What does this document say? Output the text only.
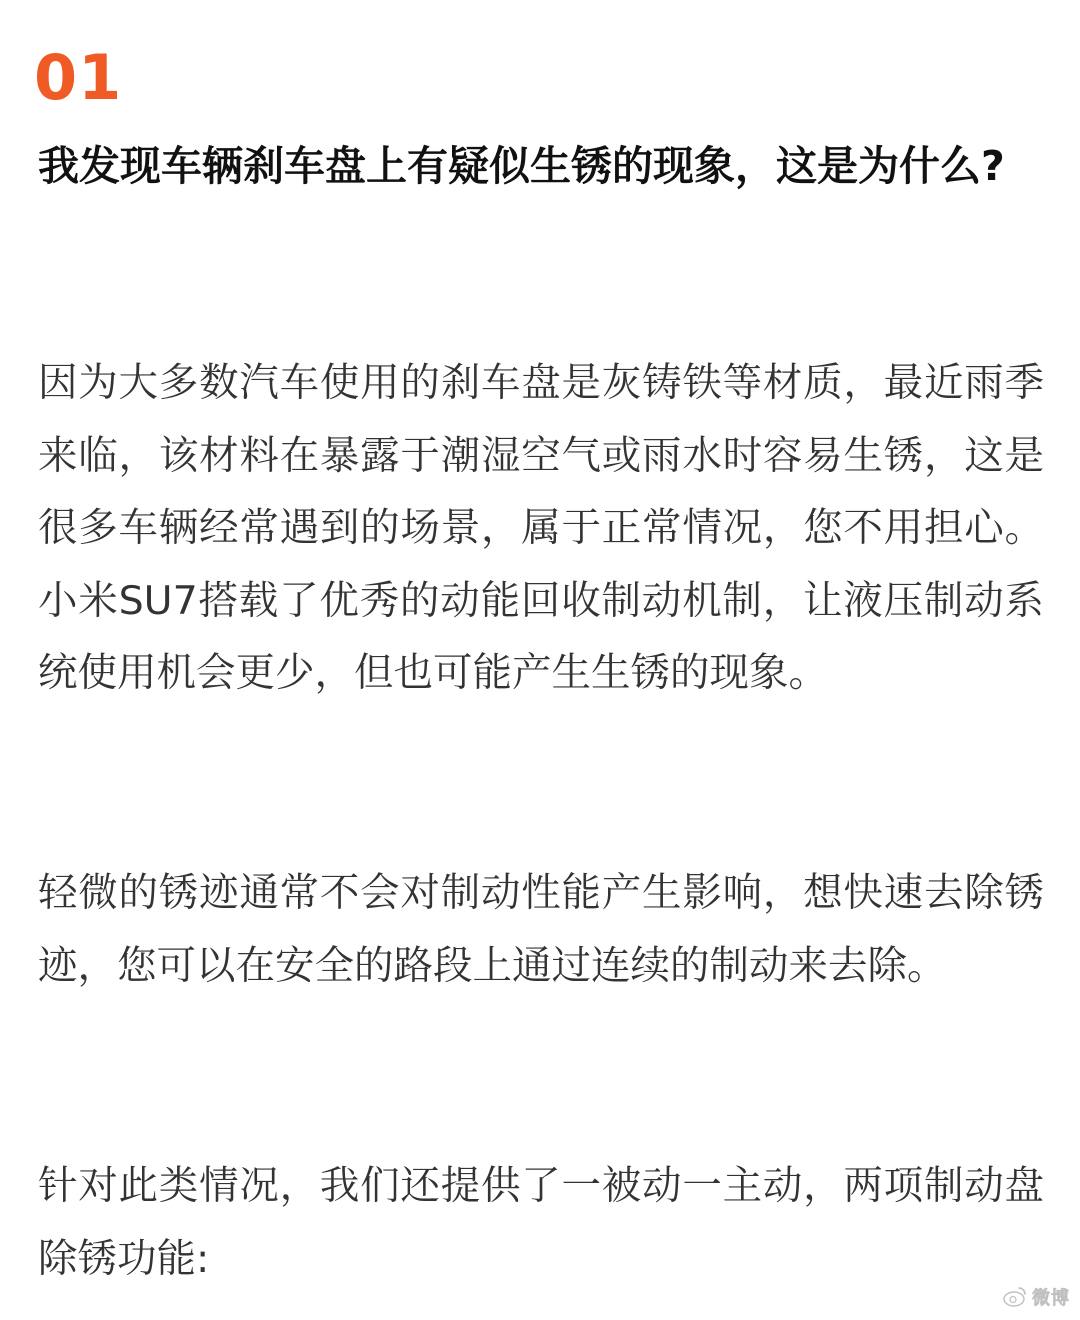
01
我发现车辆刹车盘上有疑似生锈的现象，这是为什么?

因为大多数汽车使用的刹车盘是灰铸铁等材质，最近雨季来临，该材料在暴露于潮湿空气或雨水时容易生锈，这是很多车辆经常遇到的场景，属于正常情况，您不用担心。小米SU7搭载了优秀的动能回收制动机制，让液压制动系统使用机会更少，但也可能产生生锈的现象。

轻微的锈迹通常不会对制动性能产生影响，想快速去除锈迹，您可以在安全的路段上通过连续的制动来去除。

针对此类情况，我们还提供了一被动一主动，两项制动盘除锈功能:

微博
